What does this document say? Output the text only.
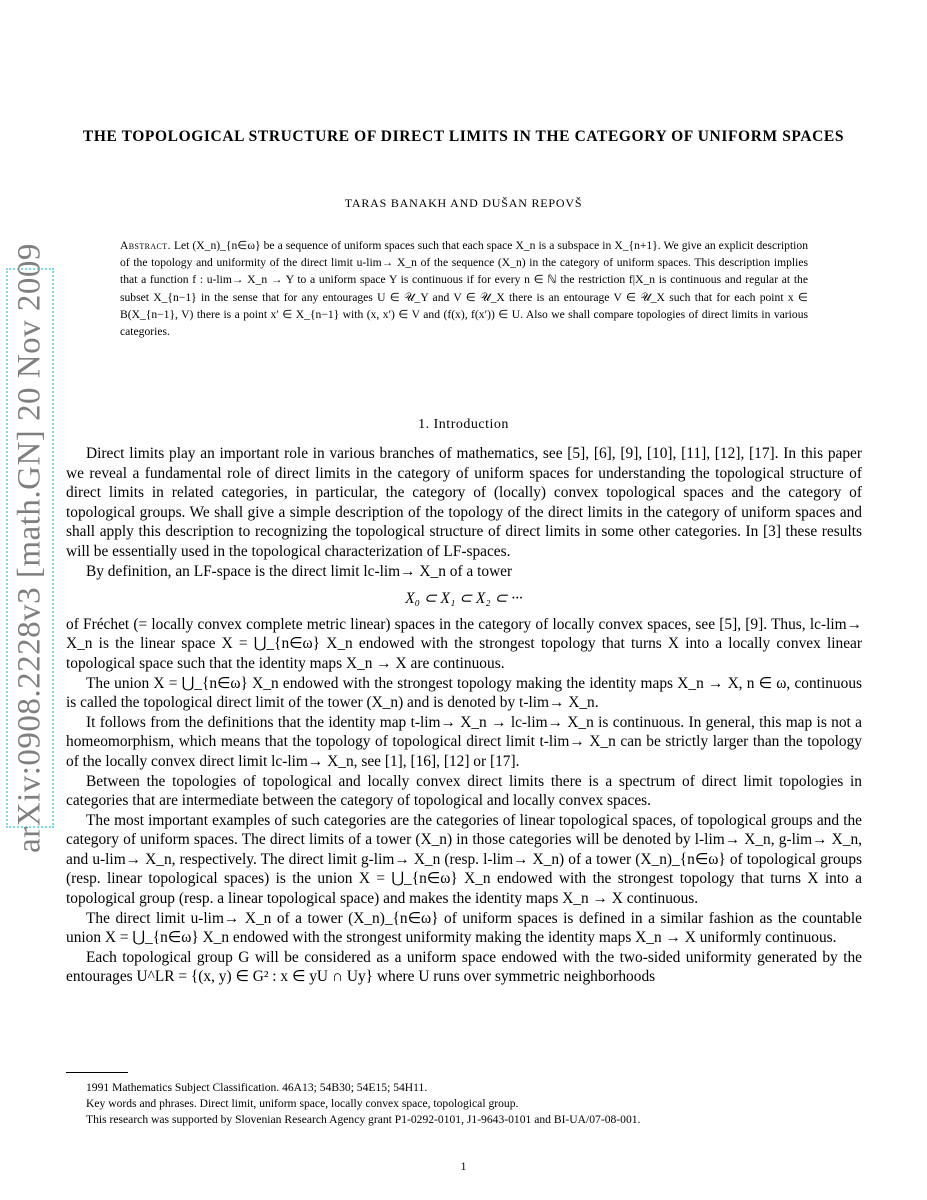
arXiv:0908.2228v3 [math.GN] 20 Nov 2009
THE TOPOLOGICAL STRUCTURE OF DIRECT LIMITS IN THE CATEGORY OF UNIFORM SPACES
TARAS BANAKH AND DUŠAN REPOVŠ
Abstract. Let (X_n)_{n∈ω} be a sequence of uniform spaces such that each space X_n is a subspace in X_{n+1}. We give an explicit description of the topology and uniformity of the direct limit u-lim→ X_n of the sequence (X_n) in the category of uniform spaces. This description implies that a function f : u-lim→ X_n → Y to a uniform space Y is continuous if for every n ∈ ℕ the restriction f|X_n is continuous and regular at the subset X_{n−1} in the sense that for any entourages U ∈ 𝒰_Y and V ∈ 𝒰_X there is an entourage V ∈ 𝒰_X such that for each point x ∈ B(X_{n−1}, V) there is a point x′ ∈ X_{n−1} with (x, x′) ∈ V and (f(x), f(x′)) ∈ U. Also we shall compare topologies of direct limits in various categories.
1. Introduction

Direct limits play an important role in various branches of mathematics, see [5], [6], [9], [10], [11], [12], [17]. In this paper we reveal a fundamental role of direct limits in the category of uniform spaces for understanding the topological structure of direct limits in related categories, in particular, the category of (locally) convex topological spaces and the category of topological groups. We shall give a simple description of the topology of the direct limits in the category of uniform spaces and shall apply this description to recognizing the topological structure of direct limits in some other categories. In [3] these results will be essentially used in the topological characterization of LF-spaces.

By definition, an LF-space is the direct limit lc-lim→ X_n of a tower

X₀ ⊂ X₁ ⊂ X₂ ⊂ ···

of Fréchet (= locally convex complete metric linear) spaces in the category of locally convex spaces, see [5], [9]. Thus, lc-lim→ X_n is the linear space X = ⋃_{n∈ω} X_n endowed with the strongest topology that turns X into a locally convex linear topological space such that the identity maps X_n → X are continuous.

The union X = ⋃_{n∈ω} X_n endowed with the strongest topology making the identity maps X_n → X, n ∈ ω, continuous is called the topological direct limit of the tower (X_n) and is denoted by t-lim→ X_n.

It follows from the definitions that the identity map t-lim→ X_n → lc-lim→ X_n is continuous. In general, this map is not a homeomorphism, which means that the topology of topological direct limit t-lim→ X_n can be strictly larger than the topology of the locally convex direct limit lc-lim→ X_n, see [1], [16], [12] or [17].

Between the topologies of topological and locally convex direct limits there is a spectrum of direct limit topologies in categories that are intermediate between the category of topological and locally convex spaces.

The most important examples of such categories are the categories of linear topological spaces, of topological groups and the category of uniform spaces. The direct limits of a tower (X_n) in those categories will be denoted by l-lim→ X_n, g-lim→ X_n, and u-lim→ X_n, respectively. The direct limit g-lim→ X_n (resp. l-lim→ X_n) of a tower (X_n)_{n∈ω} of topological groups (resp. linear topological spaces) is the union X = ⋃_{n∈ω} X_n endowed with the strongest topology that turns X into a topological group (resp. a linear topological space) and makes the identity maps X_n → X continuous.

The direct limit u-lim→ X_n of a tower (X_n)_{n∈ω} of uniform spaces is defined in a similar fashion as the countable union X = ⋃_{n∈ω} X_n endowed with the strongest uniformity making the identity maps X_n → X uniformly continuous.

Each topological group G will be considered as a uniform space endowed with the two-sided uniformity generated by the entourages U^LR = {(x, y) ∈ G² : x ∈ yU ∩ Uy} where U runs over symmetric neighborhoods

1991 Mathematics Subject Classification. 46A13; 54B30; 54E15; 54H11.
Key words and phrases. Direct limit, uniform space, locally convex space, topological group.
This research was supported by Slovenian Research Agency grant P1-0292-0101, J1-9643-0101 and BI-UA/07-08-001.
1
